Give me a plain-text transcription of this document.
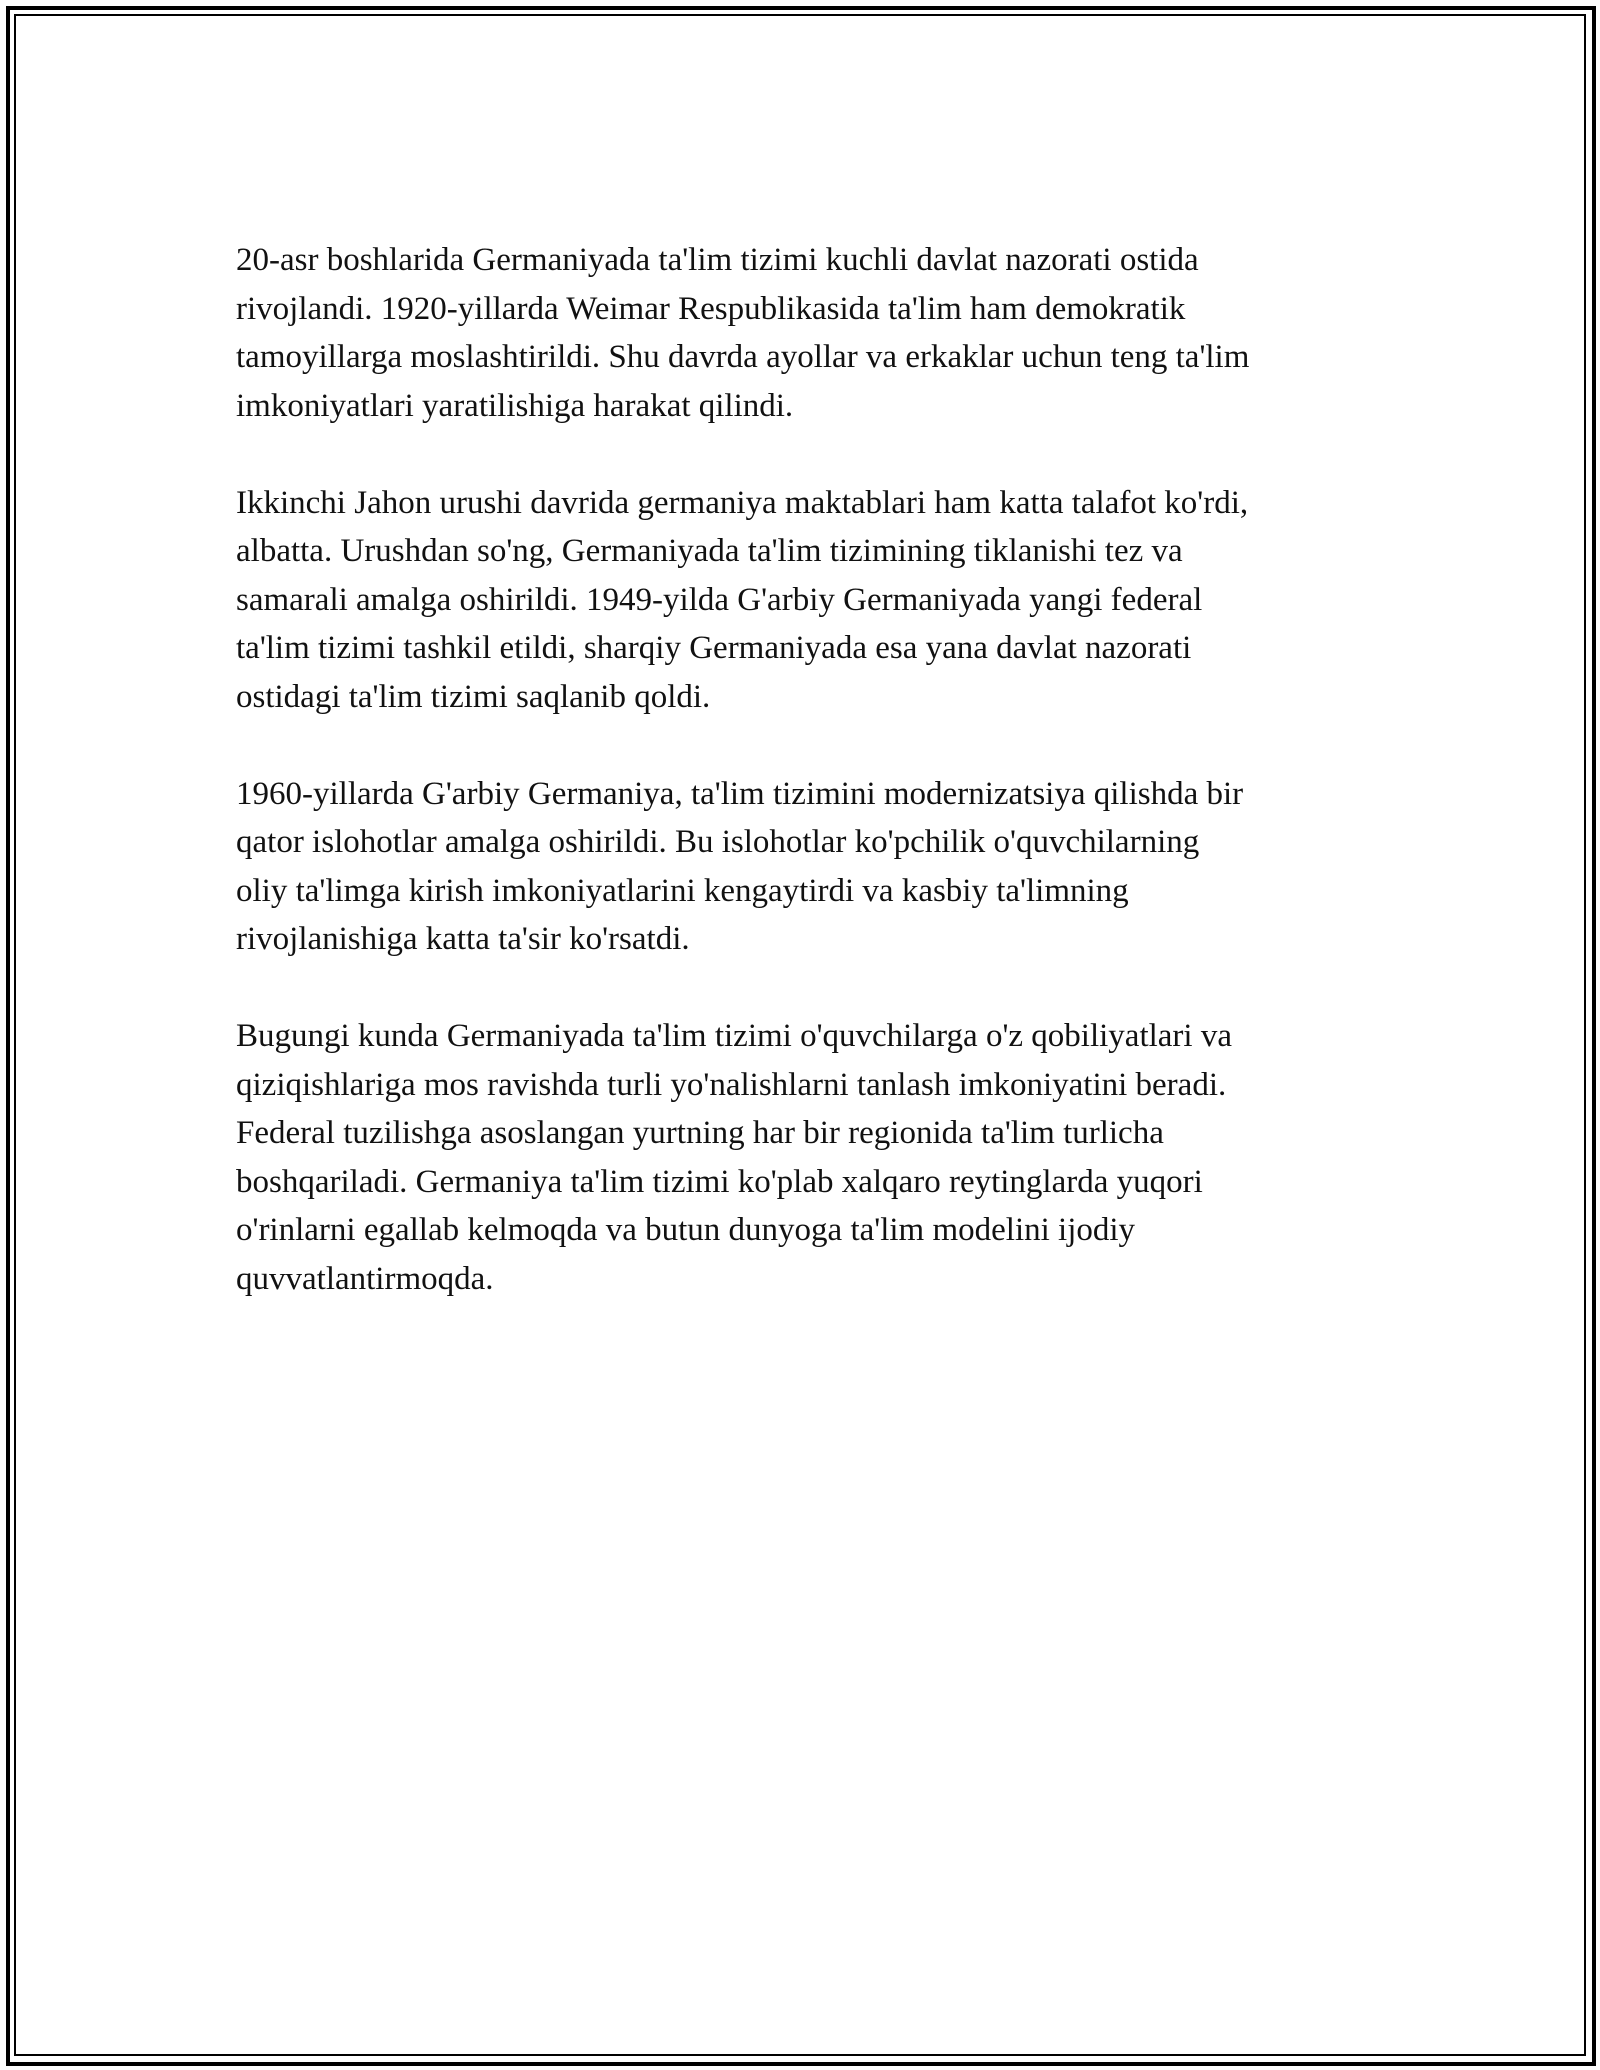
20-asr boshlarida Germaniyada ta'lim tizimi kuchli davlat nazorati ostida
rivojlandi. 1920-yillarda Weimar Respublikasida ta'lim ham demokratik
tamoyillarga moslashtirildi. Shu davrda ayollar va erkaklar uchun teng ta'lim
imkoniyatlari yaratilishiga harakat qilindi.

Ikkinchi Jahon urushi davrida germaniya maktablari ham katta talafot ko'rdi,
albatta. Urushdan so'ng, Germaniyada ta'lim tizimining tiklanishi tez va
samarali amalga oshirildi. 1949-yilda G'arbiy Germaniyada yangi federal
ta'lim tizimi tashkil etildi, sharqiy Germaniyada esa yana davlat nazorati
ostidagi ta'lim tizimi saqlanib qoldi.

1960-yillarda G'arbiy Germaniya, ta'lim tizimini modernizatsiya qilishda bir
qator islohotlar amalga oshirildi. Bu islohotlar ko'pchilik o'quvchilarning
oliy ta'limga kirish imkoniyatlarini kengaytirdi va kasbiy ta'limning
rivojlanishiga katta ta'sir ko'rsatdi.

Bugungi kunda Germaniyada ta'lim tizimi o'quvchilarga o'z qobiliyatlari va
qiziqishlariga mos ravishda turli yo'nalishlarni tanlash imkoniyatini beradi.
Federal tuzilishga asoslangan yurtning har bir regionida ta'lim turlicha
boshqariladi. Germaniya ta'lim tizimi ko'plab xalqaro reytinglarda yuqori
o'rinlarni egallab kelmoqda va butun dunyoga ta'lim modelini ijodiy
quvvatlantirmoqda.
